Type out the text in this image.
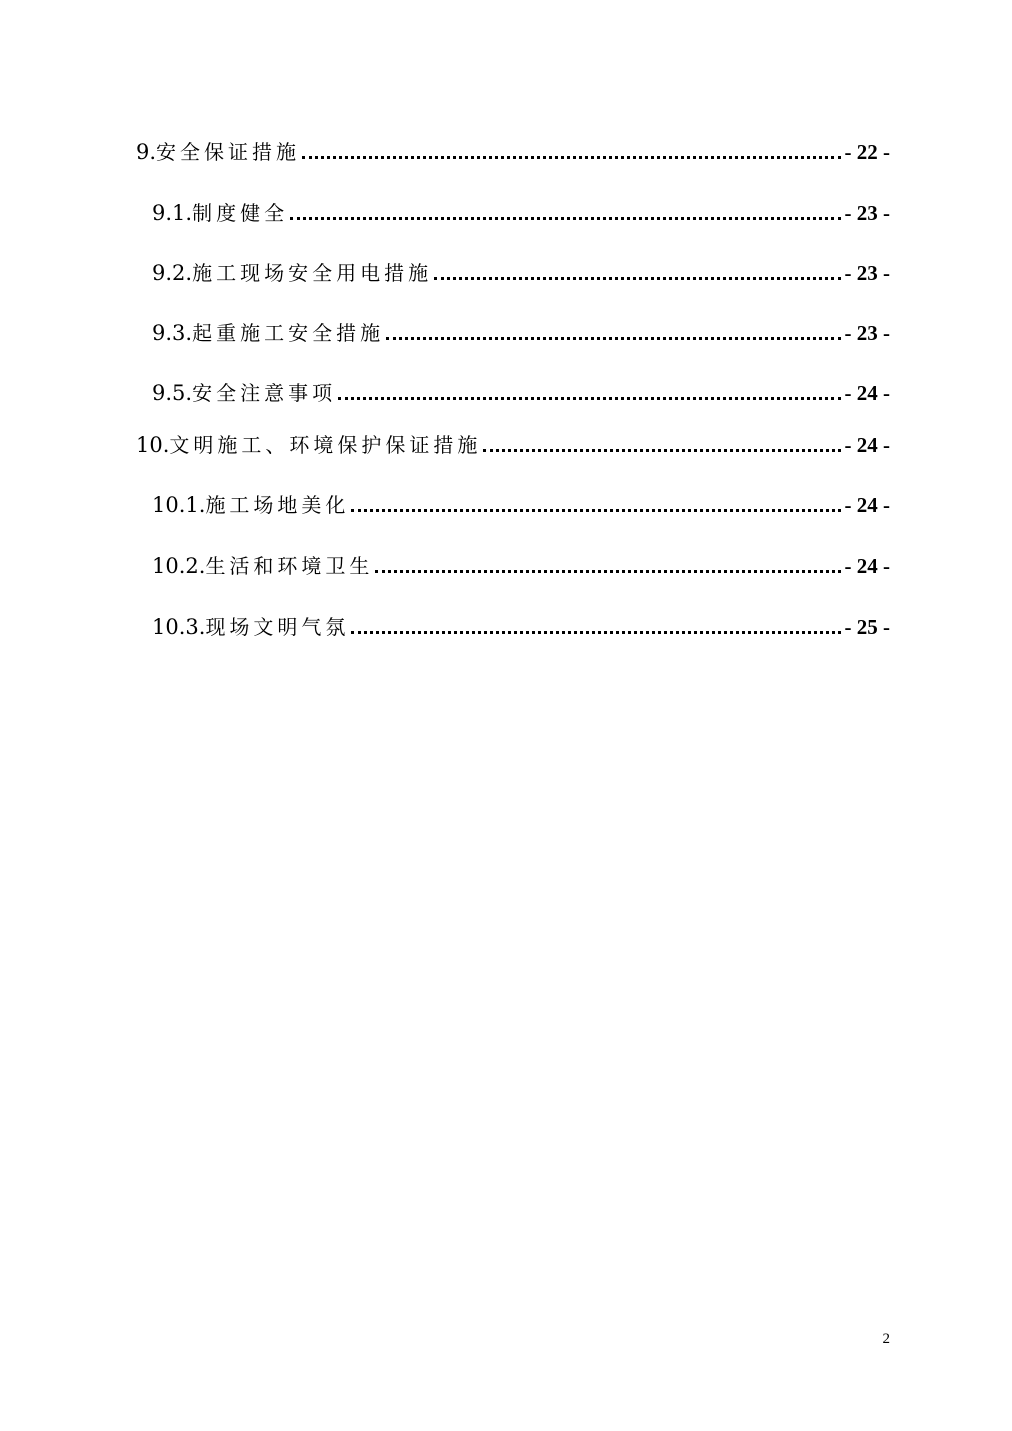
9. 安全保证措施	- 22 -
9.1. 制度健全	- 23 -
9.2. 施工现场安全用电措施	- 23 -
9.3. 起重施工安全措施	- 23 -
9.5. 安全注意事项	- 24 -
10. 文明施工、环境保护保证措施	- 24 -
10.1. 施工场地美化	- 24 -
10.2. 生活和环境卫生	- 24 -
10.3. 现场文明气氛	- 25 -
2
